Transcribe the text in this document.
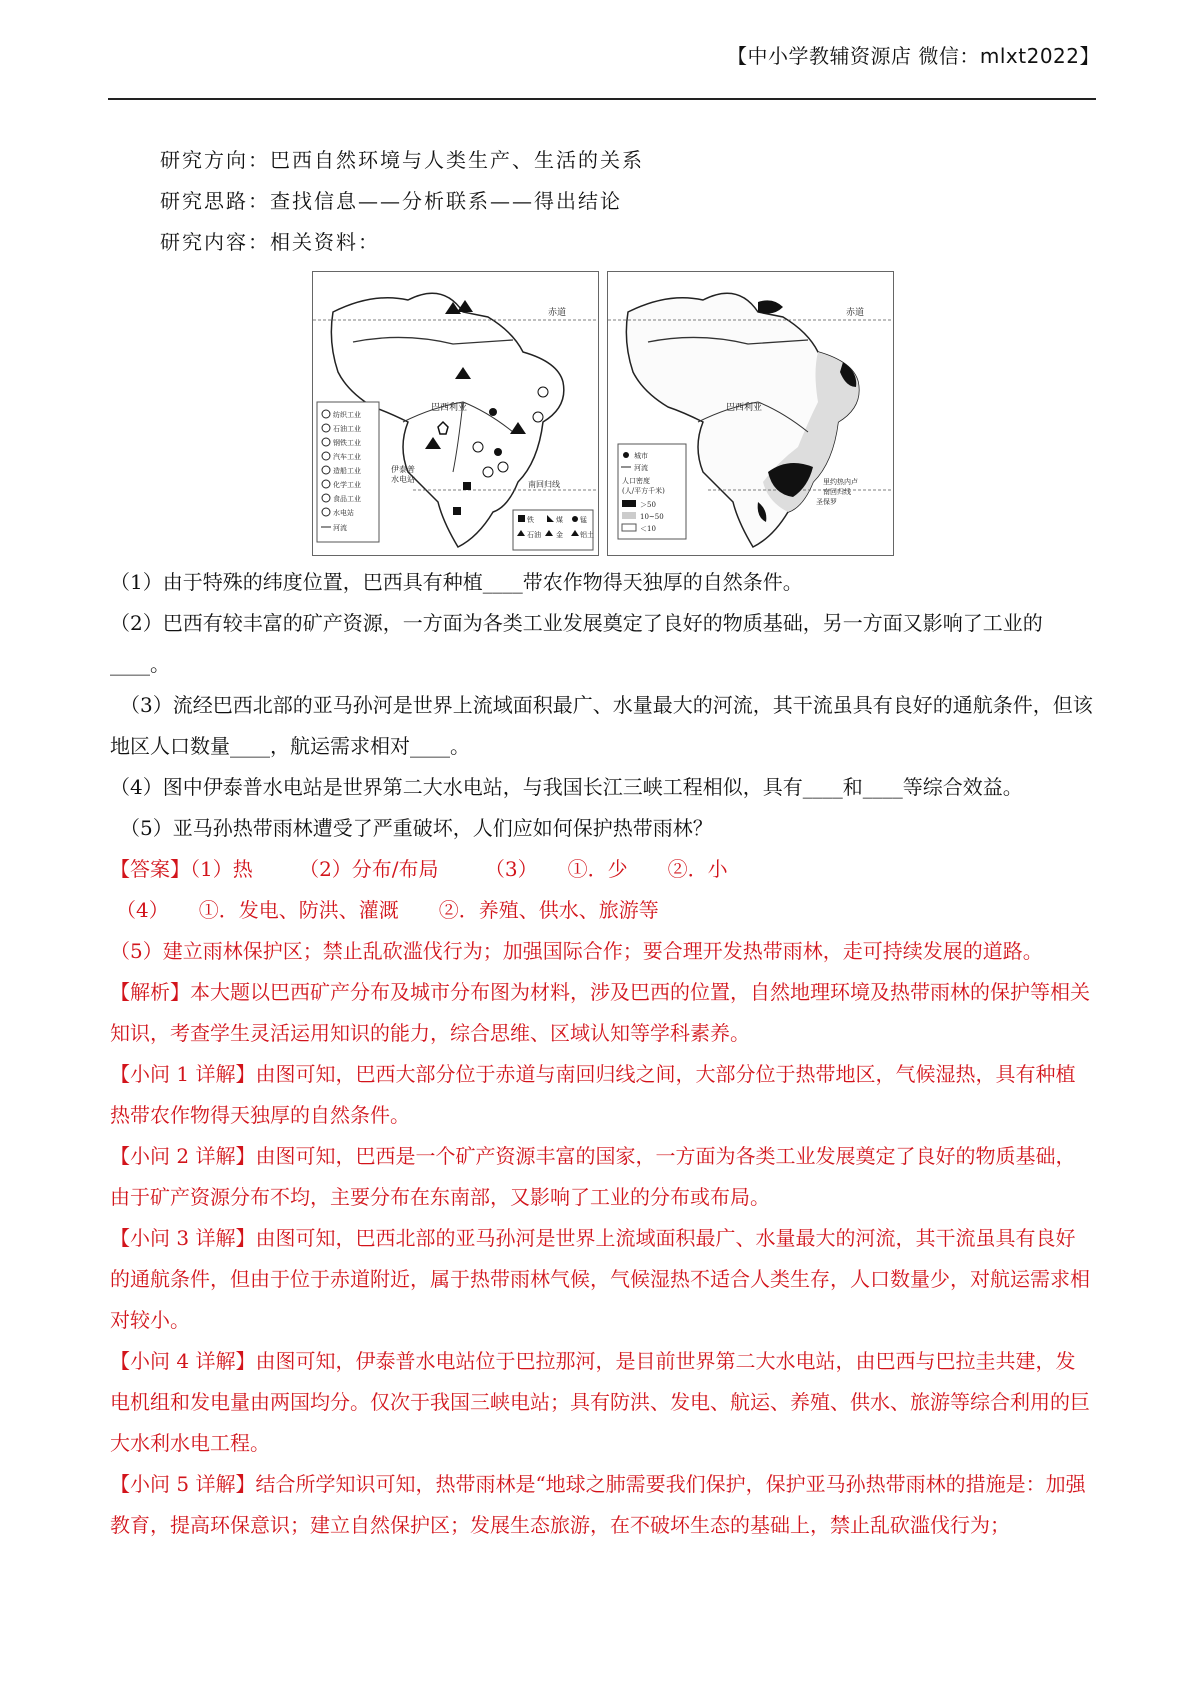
【中小学教辅资源店 微信：mlxt2022】
研究方向：巴西自然环境与人类生产、生活的关系
研究思路：查找信息——分析联系——得出结论
研究内容：相关资料：
赤道
巴西利亚
伊泰普
水电站
南回归线
纺织工业
石油工业
钢铁工业
汽车工业
造船工业
化学工业
食品工业
水电站
河流
铁	煤 锰
石油 金 铝土
赤道
巴西利亚
里约热内卢
南回归线
圣保罗
城市
河流
人口密度
(人/平方千米)
＞50
10~50
＜10
（1）由于特殊的纬度位置，巴西具有种植____带农作物得天独厚的自然条件。
（2）巴西有较丰富的矿产资源，一方面为各类工业发展奠定了良好的物质基础，另一方面又影响了工业的____。
（3）流经巴西北部的亚马孙河是世界上流域面积最广、水量最大的河流，其干流虽具有良好的通航条件，但该地区人口数量____，航运需求相对____。
（4）图中伊泰普水电站是世界第二大水电站，与我国长江三峡工程相似，具有____和____等综合效益。
（5）亚马孙热带雨林遭受了严重破坏，人们应如何保护热带雨林？
【答案】（1）热　　 （2）分布/布局　　 （3）　　①．少　　②．小
（4）　　①．发电、防洪、灌溉　　②．养殖、供水、旅游等
（5）建立雨林保护区；禁止乱砍滥伐行为；加强国际合作；要合理开发热带雨林，走可持续发展的道路。
【解析】本大题以巴西矿产分布及城市分布图为材料，涉及巴西的位置，自然地理环境及热带雨林的保护等相关知识，考查学生灵活运用知识的能力，综合思维、区域认知等学科素养。
【小问 1 详解】由图可知，巴西大部分位于赤道与南回归线之间，大部分位于热带地区，气候湿热，具有种植热带农作物得天独厚的自然条件。
【小问 2 详解】由图可知，巴西是一个矿产资源丰富的国家，一方面为各类工业发展奠定了良好的物质基础，由于矿产资源分布不均，主要分布在东南部，又影响了工业的分布或布局。
【小问 3 详解】由图可知，巴西北部的亚马孙河是世界上流域面积最广、水量最大的河流，其干流虽具有良好的通航条件，但由于位于赤道附近，属于热带雨林气候，气候湿热不适合人类生存，人口数量少，对航运需求相对较小。
【小问 4 详解】由图可知，伊泰普水电站位于巴拉那河，是目前世界第二大水电站，由巴西与巴拉圭共建，发电机组和发电量由两国均分。仅次于我国三峡电站；具有防洪、发电、航运、养殖、供水、旅游等综合利用的巨大水利水电工程。
【小问 5 详解】结合所学知识可知，热带雨林是“地球之肺需要我们保护，保护亚马孙热带雨林的措施是：加强教育，提高环保意识；建立自然保护区；发展生态旅游，在不破坏生态的基础上，禁止乱砍滥伐行为；
